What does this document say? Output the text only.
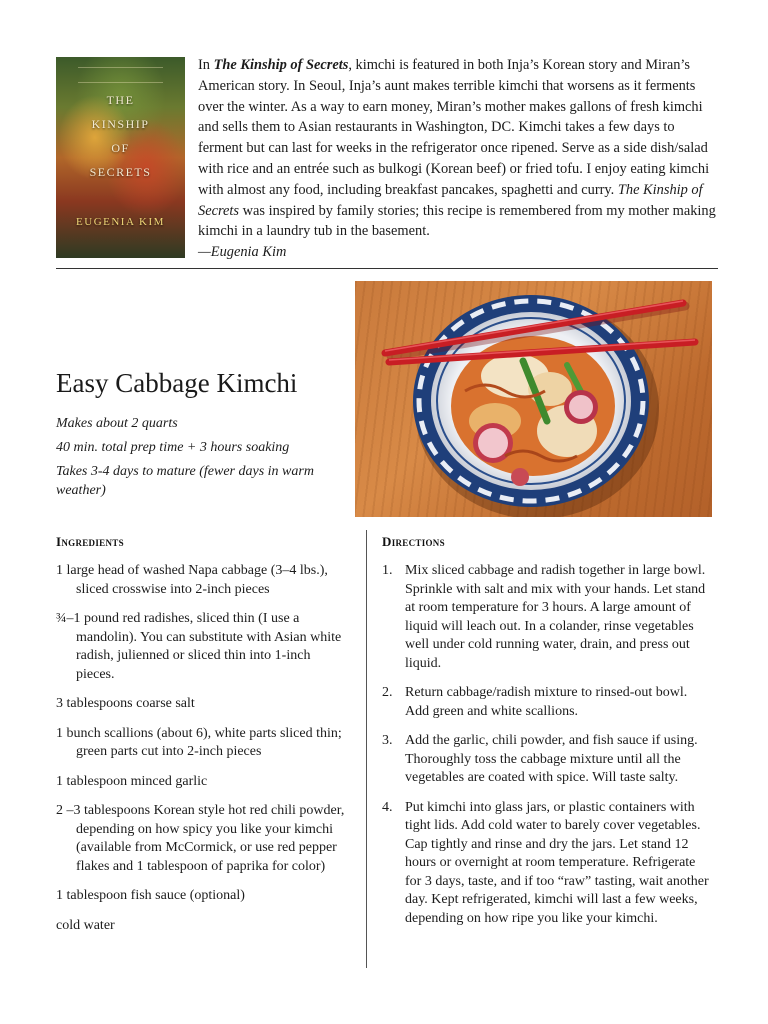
THE
KINSHIP
OF
SECRETS
EUGENIA KIM
In The Kinship of Secrets, kimchi is featured in both Inja’s Korean story and Miran’s American story. In Seoul, Inja’s aunt makes terrible kimchi that worsens as it ferments over the winter. As a way to earn money, Miran’s mother makes gallons of fresh kimchi and sells them to Asian restaurants in Washington, DC. Kimchi takes a few days to ferment but can last for weeks in the refrigerator once ripened. Serve as a side dish/salad with rice and an entrée such as bulkogi (Korean beef) or fried tofu. I enjoy eating kimchi with almost any food, including breakfast pancakes, spaghetti and curry. The Kinship of Secrets was inspired by family stories; this recipe is remembered from my mother making kimchi in a laundry tub in the basement.
—Eugenia Kim
Easy Cabbage Kimchi
Makes about 2 quarts
40 min. total prep time + 3 hours soaking
Takes 3-4 days to mature (fewer days in warm weather)
Ingredients
1 large head of washed Napa cabbage (3–4 lbs.), sliced crosswise into 2-inch pieces
¾–1 pound red radishes, sliced thin (I use a mandolin). You can substitute with Asian white radish, julienned or sliced thin into 1-inch pieces.
3 tablespoons coarse salt
1 bunch scallions (about 6), white parts sliced thin; green parts cut into 2-inch pieces
1 tablespoon minced garlic
2 –3 tablespoons Korean style hot red chili powder, depending on how spicy you like your kimchi (available from McCormick, or use red pepper flakes and 1 tablespoon of paprika for color)
1 tablespoon fish sauce (optional)
cold water
Directions
1. Mix sliced cabbage and radish together in large bowl. Sprinkle with salt and mix with your hands. Let stand at room temperature for 3 hours. A large amount of liquid will leach out. In a colander, rinse vegetables well under cold running water, drain, and press out liquid.
2. Return cabbage/radish mixture to rinsed-out bowl. Add green and white scallions.
3. Add the garlic, chili powder, and fish sauce if using. Thoroughly toss the cabbage mixture until all the vegetables are coated with spice. Will taste salty.
4. Put kimchi into glass jars, or plastic containers with tight lids. Add cold water to barely cover vegetables. Cap tightly and rinse and dry the jars. Let stand 12 hours or overnight at room temperature. Refrigerate for 3 days, taste, and if too “raw” tasting, wait another day. Kept refrigerated, kimchi will last a few weeks, depending on how ripe you like your kimchi.
